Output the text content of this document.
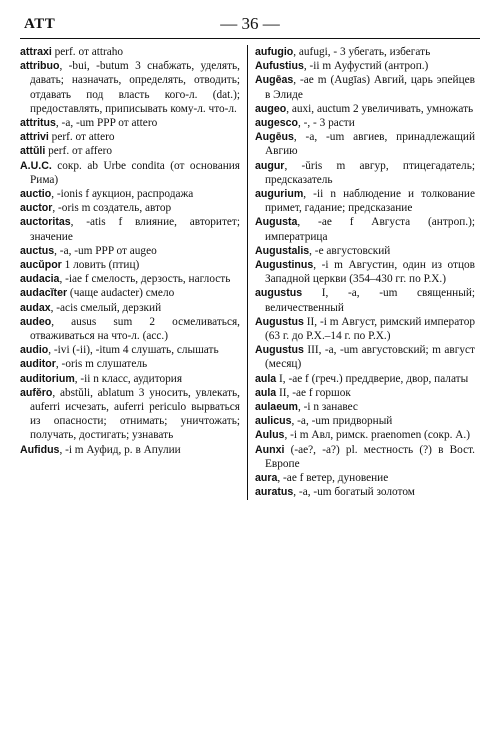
ATT	— 36 —

attraxi perf. от attraho

attribuo, -bui, -butum 3 снабжать, уделять, давать; назначать, определять, отводить; отдавать под власть кого-л. (dat.); предоставлять, приписывать кому-л. что-л.

attritus, -a, -um PPP от attero

attrivi perf. от attero

attŭli perf. от affero

A.U.C. сокр. ab Urbe condita (от основания Рима)

auctio, -ionis f аукцион, распродажа

auctor, -oris m создатель, автор

auctoritas, -atis f влияние, авторитет; значение

auctus, -a, -um PPP от augeo

aucŭpor 1 ловить (птиц)

audacia, -iae f смелость, дерзость, наглость

audacĭter (чаще audacter) смело

audax, -acis смелый, дерзкий

audeo, ausus sum 2 осмеливаться, отваживаться на что-л. (acc.)

audio, -ivi (-ii), -itum 4 слушать, слышать

auditor, -oris m слушатель

auditorium, -ii n класс, аудитория

aufĕro, abstŭli, ablatum 3 уносить, увлекать, auferri исчезать, auferri periculo вырваться из опасности; отнимать; уничтожать; получать, достигать; узнавать

Aufidus, -i m Ауфид, р. в Апулии

aufugio, aufugi, - 3 убегать, избегать

Aufustius, -ii m Ауфустий (антроп.)

Augēas, -ae m (Augīas) Авгий, царь эпейцев в Элиде

augeo, auxi, auctum 2 увеличивать, умножать

augesco, -, - 3 расти

Augēus, -a, -um авгиев, принадлежащий Авгию

augur, -ŭris m авгур, птицегадатель; предсказатель

augurium, -ii n наблюдение и толкование примет, гадание; предсказание

Augusta, -ae f Августа (антроп.); императрица

Augustalis, -e августовский

Augustinus, -i m Августин, один из отцов Западной церкви (354–430 гг. по Р.Х.)

augustus I, -a, -um священный; величественный

Augustus II, -i m Август, римский император (63 г. до Р.Х.–14 г. по Р.Х.)

Augustus III, -a, -um августовский; m август (месяц)

aula I, -ae f (греч.) преддверие, двор, палаты

aula II, -ae f горшок

aulaeum, -i n занавес

aulicus, -a, -um придворный

Aulus, -i m Авл, римск. praenomen (сокр. A.)

Aunxi (-ae?, -a?) pl. местность (?) в Вост. Европе

aura, -ae f ветер, дуновение

auratus, -a, -um богатый золотом
